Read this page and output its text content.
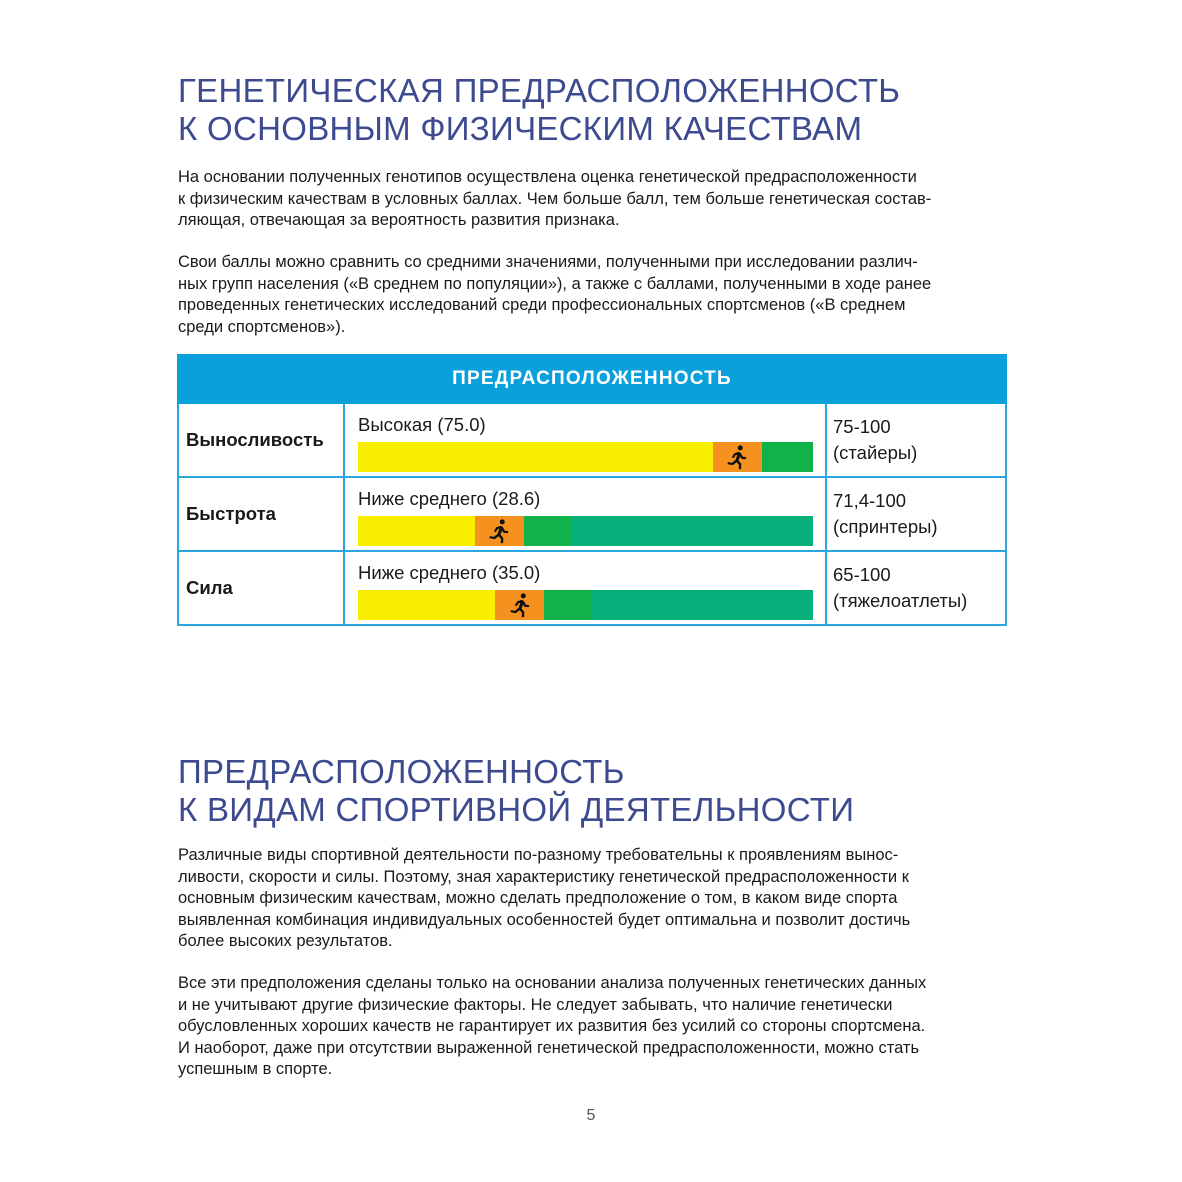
ГЕНЕТИЧЕСКАЯ ПРЕДРАСПОЛОЖЕННОСТЬ
К ОСНОВНЫМ ФИЗИЧЕСКИМ КАЧЕСТВАМ

На основании полученных генотипов осуществлена оценка генетической предрасположенности
к физическим качествам в условных баллах. Чем больше балл, тем больше генетическая состав-
ляющая, отвечающая за вероятность развития признака.

Свои баллы можно сравнить со средними значениями, полученными при исследовании различ-
ных групп населения («В среднем по популяции»), а также с баллами, полученными в ходе ранее
проведенных генетических исследований среди профессиональных спортсменов («В среднем
среди спортсменов»).

ПРЕДРАСПОЛОЖЕННОСТЬ		
Выносливость	Высокая (75.0)	75-100
(стайеры)

Быстрота	Ниже среднего (28.6)	71,4-100
(спринтеры)

Сила	Ниже среднего (35.0)	65-100
(тяжелоатлеты)
ПРЕДРАСПОЛОЖЕННОСТЬ
К ВИДАМ СПОРТИВНОЙ ДЕЯТЕЛЬНОСТИ

Различные виды спортивной деятельности по-разному требовательны к проявлениям вынос-
ливости, скорости и силы. Поэтому, зная характеристику генетической предрасположенности к
основным физическим качествам, можно сделать предположение о том, в каком виде спорта
выявленная комбинация индивидуальных особенностей будет оптимальна и позволит достичь
более высоких результатов.

Все эти предположения сделаны только на основании анализа полученных генетических данных
и не учитывают другие физические факторы. Не следует забывать, что наличие генетически
обусловленных хороших качеств не гарантирует их развития без усилий со стороны спортсмена.
И наоборот, даже при отсутствии выраженной генетической предрасположенности, можно стать
успешным в спорте.

5
